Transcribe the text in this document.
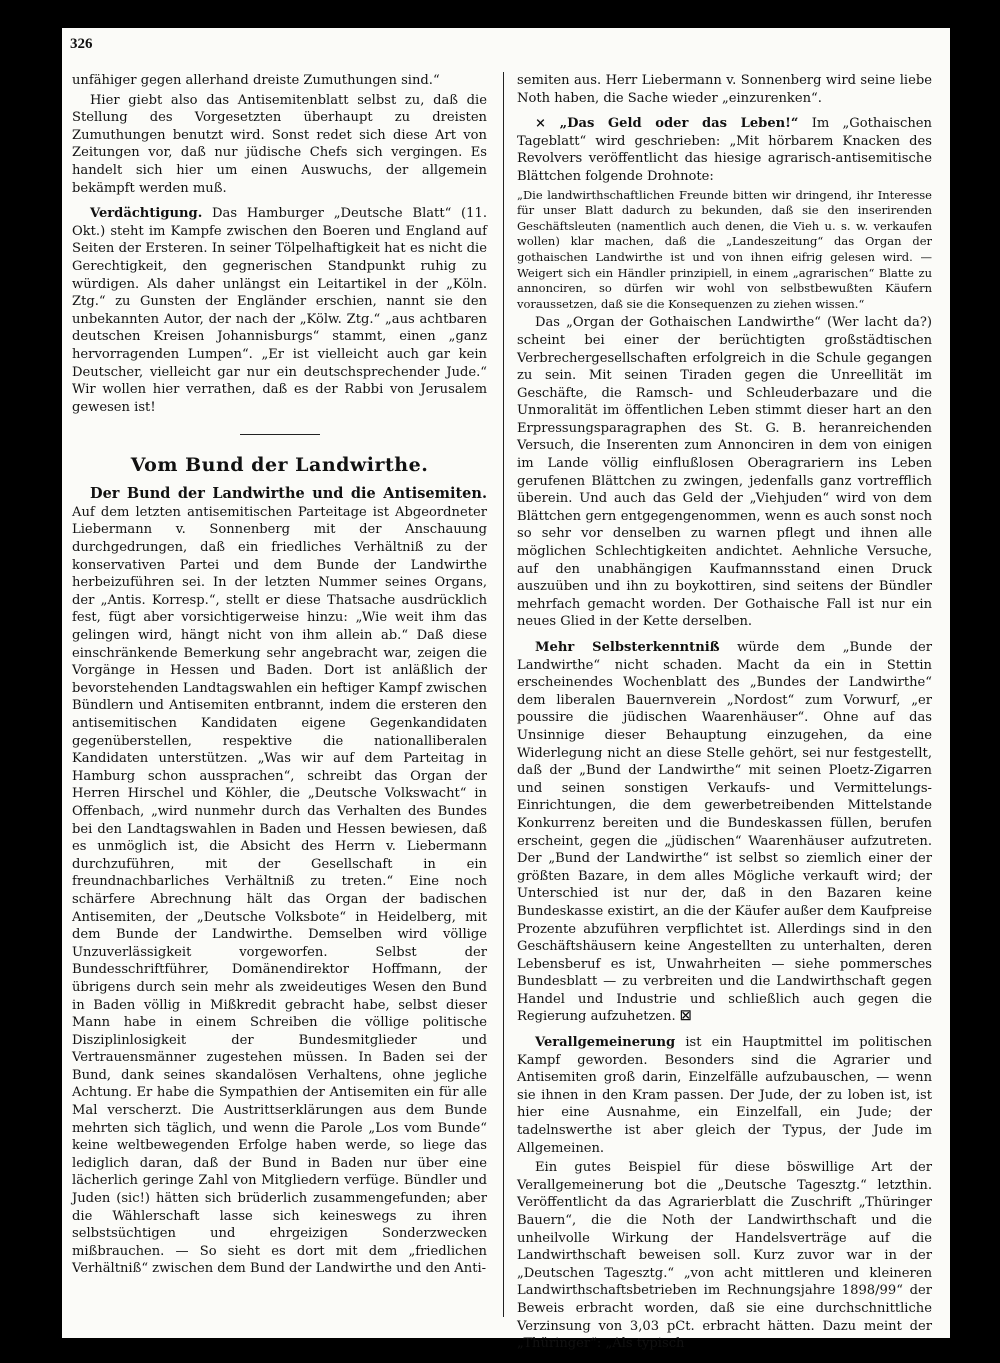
326

unfähiger gegen allerhand dreiste Zumuthungen sind.“

Hier giebt also das Antisemitenblatt selbst zu, daß die Stellung des Vorgesetzten überhaupt zu dreisten Zumuthungen benutzt wird. Sonst redet sich diese Art von Zeitungen vor, daß nur jüdische Chefs sich vergingen. Es handelt sich hier um einen Auswuchs, der allgemein bekämpft werden muß.

Verdächtigung. Das Hamburger „Deutsche Blatt“ (11. Okt.) steht im Kampfe zwischen den Boeren und England auf Seiten der Ersteren. In seiner Tölpelhaftigkeit hat es nicht die Gerechtigkeit, den gegnerischen Standpunkt ruhig zu würdigen. Als daher unlängst ein Leitartikel in der „Köln. Ztg.“ zu Gunsten der Engländer erschien, nannt sie den unbekannten Autor, der nach der „Kölw. Ztg.“ „aus achtbaren deutschen Kreisen Johannisburgs“ stammt, einen „ganz hervorragenden Lumpen“. „Er ist vielleicht auch gar kein Deutscher, vielleicht gar nur ein deutschsprechender Jude.“ Wir wollen hier verrathen, daß es der Rabbi von Jerusalem gewesen ist!

Vom Bund der Landwirthe.

Der Bund der Landwirthe und die Antisemiten. Auf dem letzten antisemitischen Parteitage ist Abgeordneter Liebermann v. Sonnenberg mit der Anschauung durchgedrungen, daß ein friedliches Verhältniß zu der konservativen Partei und dem Bunde der Landwirthe herbeizuführen sei. In der letzten Nummer seines Organs, der „Antis. Korresp.“, stellt er diese Thatsache ausdrücklich fest, fügt aber vorsichtigerweise hinzu: „Wie weit ihm das gelingen wird, hängt nicht von ihm allein ab.“ Daß diese einschränkende Bemerkung sehr angebracht war, zeigen die Vorgänge in Hessen und Baden. Dort ist anläßlich der bevorstehenden Landtagswahlen ein heftiger Kampf zwischen Bündlern und Antisemiten entbrannt, indem die ersteren den antisemitischen Kandidaten eigene Gegenkandidaten gegenüberstellen, respektive die nationalliberalen Kandidaten unterstützen. „Was wir auf dem Parteitag in Hamburg schon aussprachen“, schreibt das Organ der Herren Hirschel und Köhler, die „Deutsche Volkswacht“ in Offenbach, „wird nunmehr durch das Verhalten des Bundes bei den Landtagswahlen in Baden und Hessen bewiesen, daß es unmöglich ist, die Absicht des Herrn v. Liebermann durchzuführen, mit der Gesellschaft in ein freundnachbarliches Verhältniß zu treten.“ Eine noch schärfere Abrechnung hält das Organ der badischen Antisemiten, der „Deutsche Volksbote“ in Heidelberg, mit dem Bunde der Landwirthe. Demselben wird völlige Unzuverlässigkeit vorgeworfen. Selbst der Bundesschriftführer, Domänendirektor Hoffmann, der übrigens durch sein mehr als zweideutiges Wesen den Bund in Baden völlig in Mißkredit gebracht habe, selbst dieser Mann habe in einem Schreiben die völlige politische Disziplinlosigkeit der Bundesmitglieder und Vertrauensmänner zugestehen müssen. In Baden sei der Bund, dank seines skandalösen Verhaltens, ohne jegliche Achtung. Er habe die Sympathien der Antisemiten ein für alle Mal verscherzt. Die Austrittserklärungen aus dem Bunde mehrten sich täglich, und wenn die Parole „Los vom Bunde“ keine weltbewegenden Erfolge haben werde, so liege das lediglich daran, daß der Bund in Baden nur über eine lächerlich geringe Zahl von Mitgliedern verfüge. Bündler und Juden (sic!) hätten sich brüderlich zusammengefunden; aber die Wählerschaft lasse sich keineswegs zu ihren selbstsüchtigen und ehrgeizigen Sonderzwecken mißbrauchen. — So sieht es dort mit dem „friedlichen Verhältniß“ zwischen dem Bund der Landwirthe und den Anti-

semiten aus. Herr Liebermann v. Sonnenberg wird seine liebe Noth haben, die Sache wieder „einzurenken“.

× „Das Geld oder das Leben!“ Im „Gothaischen Tageblatt“ wird geschrieben: „Mit hörbarem Knacken des Revolvers veröffentlicht das hiesige agrarisch-antisemitische Blättchen folgende Drohnote:

„Die landwirthschaftlichen Freunde bitten wir dringend, ihr Interesse für unser Blatt dadurch zu bekunden, daß sie den inserirenden Geschäftsleuten (namentlich auch denen, die Vieh u. s. w. verkaufen wollen) klar machen, daß die „Landeszeitung“ das Organ der gothaischen Landwirthe ist und von ihnen eifrig gelesen wird. — Weigert sich ein Händler prinzipiell, in einem „agrarischen“ Blatte zu annonciren, so dürfen wir wohl von selbstbewußten Käufern voraussetzen, daß sie die Konsequenzen zu ziehen wissen.“

Das „Organ der Gothaischen Landwirthe“ (Wer lacht da?) scheint bei einer der berüchtigten großstädtischen Verbrechergesellschaften erfolgreich in die Schule gegangen zu sein. Mit seinen Tiraden gegen die Unreellität im Geschäfte, die Ramsch- und Schleuderbazare und die Unmoralität im öffentlichen Leben stimmt dieser hart an den Erpressungsparagraphen des St. G. B. heranreichenden Versuch, die Inserenten zum Annonciren in dem von einigen im Lande völlig einflußlosen Oberagrariern ins Leben gerufenen Blättchen zu zwingen, jedenfalls ganz vortrefflich überein. Und auch das Geld der „Viehjuden“ wird von dem Blättchen gern entgegengenommen, wenn es auch sonst noch so sehr vor denselben zu warnen pflegt und ihnen alle möglichen Schlechtigkeiten andichtet. Aehnliche Versuche, auf den unabhängigen Kaufmannsstand einen Druck auszuüben und ihn zu boykottiren, sind seitens der Bündler mehrfach gemacht worden. Der Gothaische Fall ist nur ein neues Glied in der Kette derselben.

Mehr Selbsterkenntniß würde dem „Bunde der Landwirthe“ nicht schaden. Macht da ein in Stettin erscheinendes Wochenblatt des „Bundes der Landwirthe“ dem liberalen Bauernverein „Nordost“ zum Vorwurf, „er poussire die jüdischen Waarenhäuser“. Ohne auf das Unsinnige dieser Behauptung einzugehen, da eine Widerlegung nicht an diese Stelle gehört, sei nur festgestellt, daß der „Bund der Landwirthe“ mit seinen Ploetz-Zigarren und seinen sonstigen Verkaufs- und Vermittelungs-Einrichtungen, die dem gewerbetreibenden Mittelstande Konkurrenz bereiten und die Bundeskassen füllen, berufen erscheint, gegen die „jüdischen“ Waarenhäuser aufzutreten. Der „Bund der Landwirthe“ ist selbst so ziemlich einer der größten Bazare, in dem alles Mögliche verkauft wird; der Unterschied ist nur der, daß in den Bazaren keine Bundeskasse existirt, an die der Käufer außer dem Kaufpreise Prozente abzuführen verpflichtet ist. Allerdings sind in den Geschäftshäusern keine Angestellten zu unterhalten, deren Lebensberuf es ist, Unwahrheiten — siehe pommersches Bundesblatt — zu verbreiten und die Landwirthschaft gegen Handel und Industrie und schließlich auch gegen die Regierung aufzuhetzen. ☒

Verallgemeinerung ist ein Hauptmittel im politischen Kampf geworden. Besonders sind die Agrarier und Antisemiten groß darin, Einzelfälle aufzubauschen, — wenn sie ihnen in den Kram passen. Der Jude, der zu loben ist, ist hier eine Ausnahme, ein Einzelfall, ein Jude; der tadelnswerthe ist aber gleich der Typus, der Jude im Allgemeinen.

Ein gutes Beispiel für diese böswillige Art der Verallgemeinerung bot die „Deutsche Tagesztg.“ letzthin. Veröffentlicht da das Agrarierblatt die Zuschrift „Thüringer Bauern“, die die Noth der Landwirthschaft und die unheilvolle Wirkung der Handelsverträge auf die Landwirthschaft beweisen soll. Kurz zuvor war in der „Deutschen Tagesztg.“ „von acht mittleren und kleineren Landwirthschaftsbetrieben im Rechnungsjahre 1898/99“ der Beweis erbracht worden, daß sie eine durchschnittliche Verzinsung von 3,03 pCt. erbracht hätten. Dazu meint der „Thüringer“: „Als typisch
